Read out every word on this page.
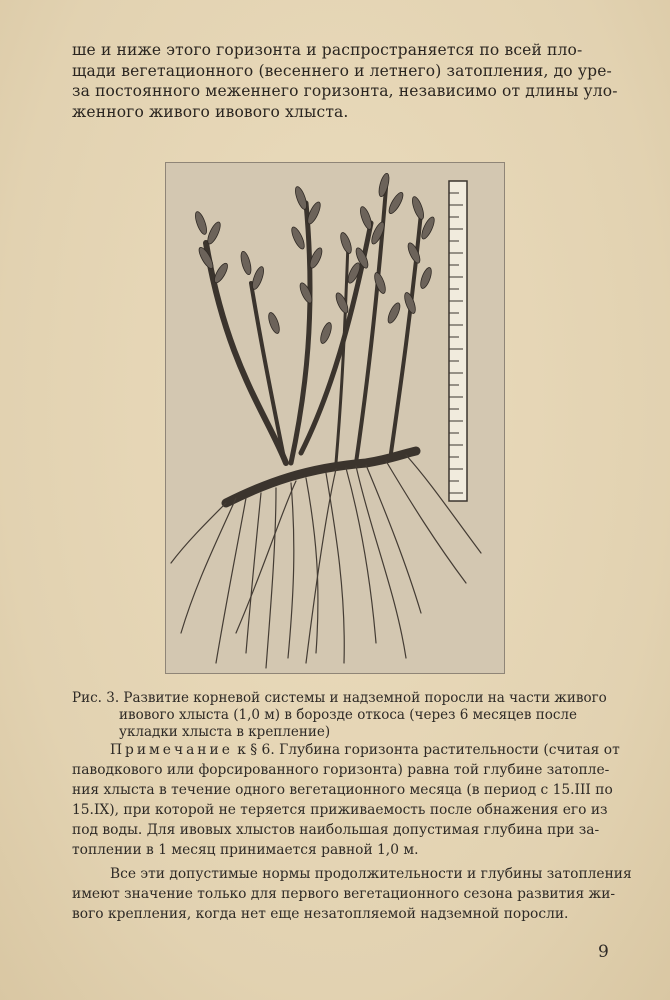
ше и ниже этого горизонта и распространяется по всей пло-
щади вегетационного (весеннего и летнего) затопления, до уре-
за постоянного меженнего горизонта, независимо от длины уло-
женного живого ивового хлыста.
Рис. 3. Развитие корневой системы и надземной поросли на части живого
ивового хлыста (1,0 м) в борозде откоса (через 6 месяцев после
укладки хлыста в крепление)
Примечание к § 6. Глубина горизонта растительности (считая от
паводкового или форсированного горизонта) равна той глубине затопле-
ния хлыста в течение одного вегетационного месяца (в период с 15.III по
15.IX), при которой не теряется приживаемость после обнажения его из
под воды. Для ивовых хлыстов наибольшая допустимая глубина при за-
топлении в 1 месяц принимается равной 1,0 м.
Все эти допустимые нормы продолжительности и глубины затопления
имеют значение только для первого вегетационного сезона развития жи-
вого крепления, когда нет еще незатопляемой надземной поросли.
9
